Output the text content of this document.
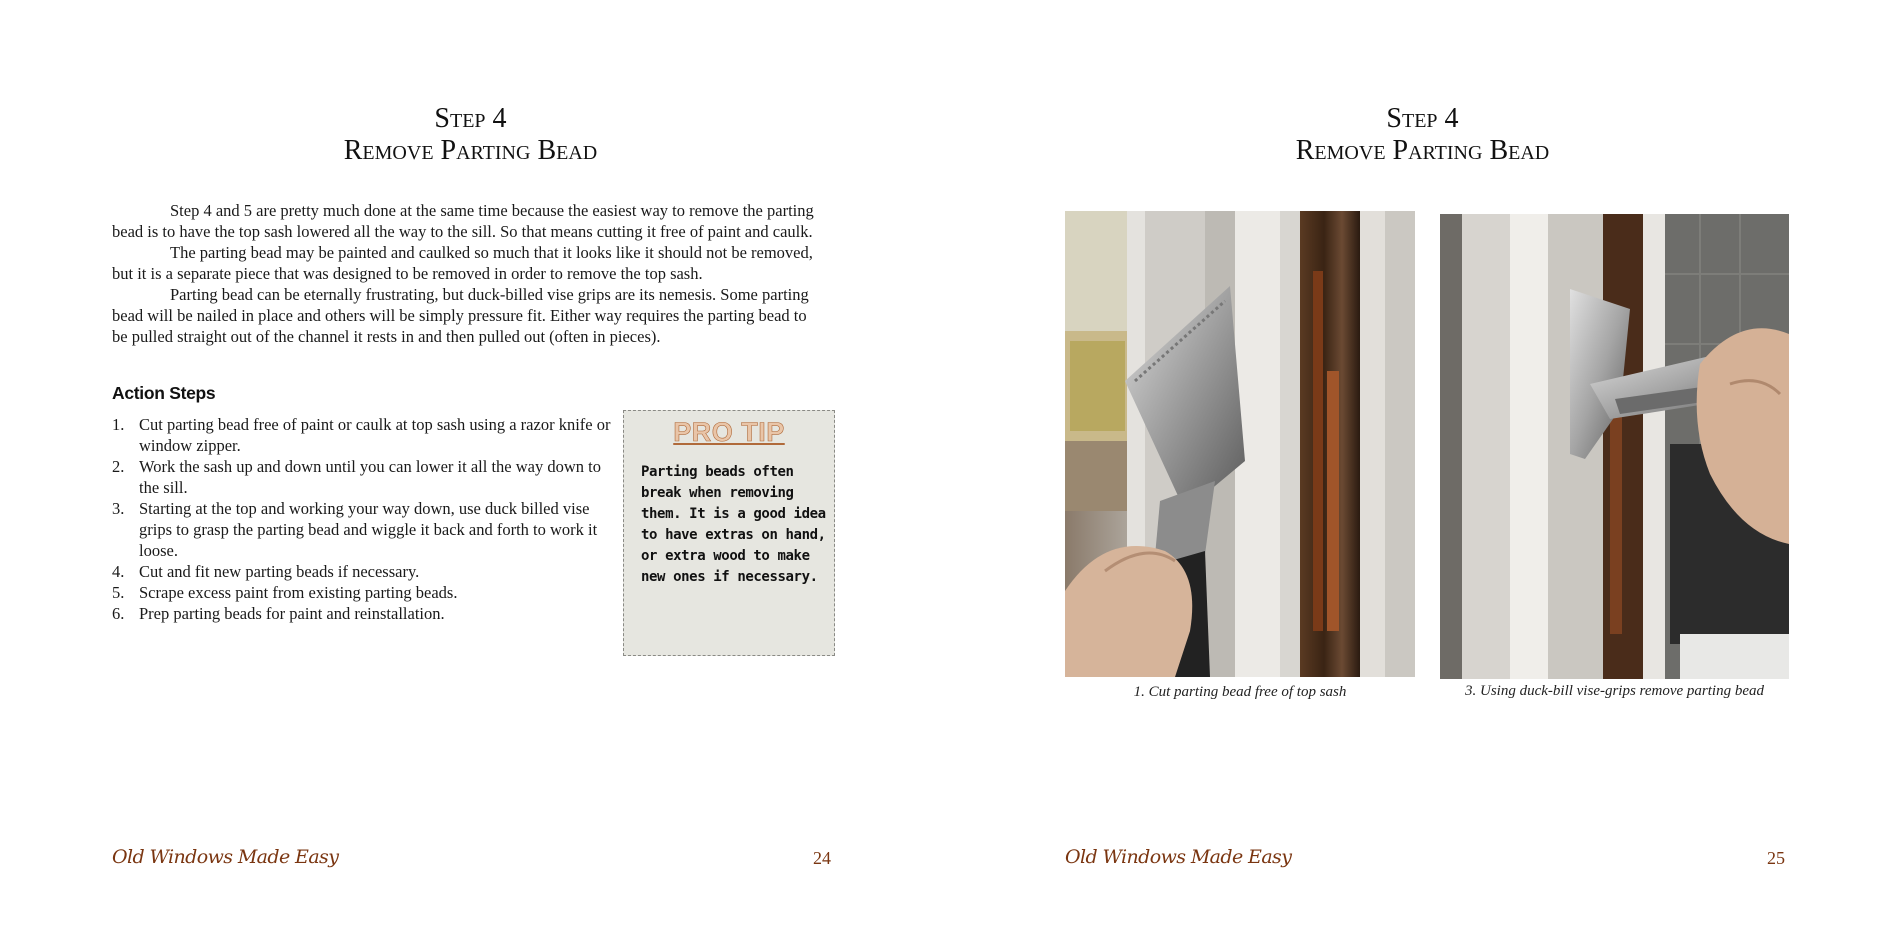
Step 4
Remove Parting Bead

Step 4 and 5 are pretty much done at the same time because the easiest way to remove the parting bead is to have the top sash lowered all the way to the sill. So that means cutting it free of paint and caulk.

The parting bead may be painted and caulked so much that it looks like it should not be removed, but it is a separate piece that was designed to be removed in order to remove the top sash.

Parting bead can be eternally frustrating, but duck-billed vise grips are its nemesis. Some parting bead will be nailed in place and others will be simply pressure fit. Either way requires the parting bead to be pulled straight out of the channel it rests in and then pulled out (often in pieces).

Action Steps
1. Cut parting bead free of paint or caulk at top sash using a razor knife or window zipper.
2. Work the sash up and down until you can lower it all the way down to the sill.
3. Starting at the top and working your way down, use duck billed vise grips to grasp the parting bead and wiggle it back and forth to work it loose.
4. Cut and fit new parting beads if necessary.
5. Scrape excess paint from existing parting beads.
6. Prep parting beads for paint and reinstallation.
PRO TIP
Parting beads often break when removing them. It is a good idea to have extras on hand, or extra wood to make new ones if necessary.
Old Windows Made Easy	24
Step 4
Remove Parting Bead
1. Cut parting bead free of top sash	3. Using duck-bill vise-grips remove parting bead
Old Windows Made Easy	25
